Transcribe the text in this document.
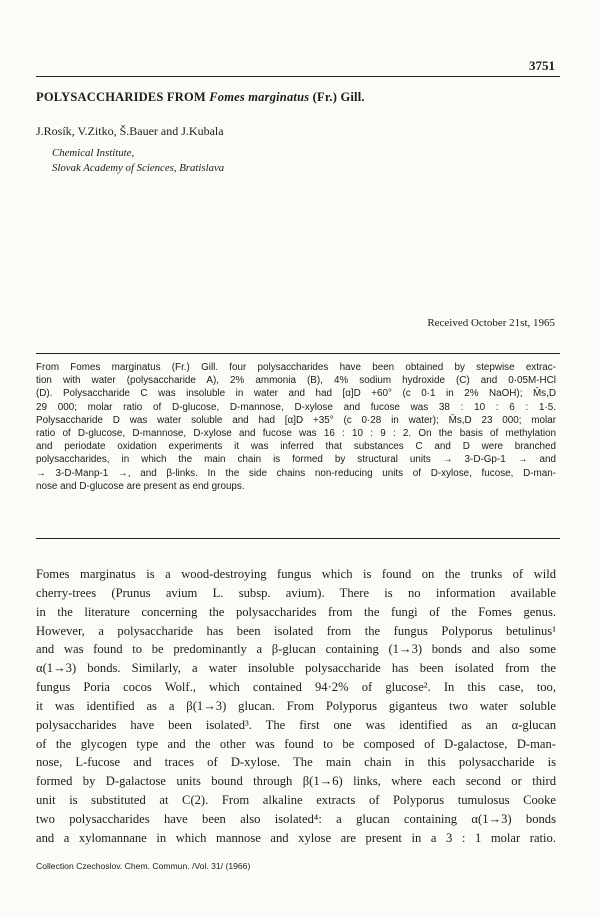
3751
POLYSACCHARIDES FROM Fomes marginatus (Fr.) Gill.
J.Rosík, V.Zitko, Š.Bauer and J.Kubala
Chemical Institute,
Slovak Academy of Sciences, Bratislava
Received October 21st, 1965
From Fomes marginatus (Fr.) Gill. four polysaccharides have been obtained by stepwise extrac-
tion with water (polysaccharide A), 2% ammonia (B), 4% sodium hydroxide (C) and 0·05M-HCl
(D). Polysaccharide C was insoluble in water and had [α]D +60° (c 0·1 in 2% NaOH); M̄s,D
29 000; molar ratio of D-glucose, D-mannose, D-xylose and fucose was 38 : 10 : 6 : 1·5.
Polysaccharide D was water soluble and had [α]D +35° (c 0·28 in water); M̄s,D 23 000; molar
ratio of D-glucose, D-mannose, D-xylose and fucose was 16 : 10 : 9 : 2. On the basis of methylation
and periodate oxidation experiments it was inferred that substances C and D were branched
polysaccharides, in which the main chain is formed by structural units → 3-D-Gp-1 → and
→ 3-D-Manp-1 →, and β-links. In the side chains non-reducing units of D-xylose, fucose, D-man-
nose and D-glucose are present as end groups.
Fomes marginatus is a wood-destroying fungus which is found on the trunks of wild
cherry-trees (Prunus avium L. subsp. avium). There is no information available
in the literature concerning the polysaccharides from the fungi of the Fomes genus.
However, a polysaccharide has been isolated from the fungus Polyporus betulinus¹
and was found to be predominantly a β-glucan containing (1→3) bonds and also some
α(1→3) bonds. Similarly, a water insoluble polysaccharide has been isolated from the
fungus Poria cocos Wolf., which contained 94·2% of glucose². In this case, too,
it was identified as a β(1→3) glucan. From Polyporus giganteus two water soluble
polysaccharides have been isolated³. The first one was identified as an α-glucan
of the glycogen type and the other was found to be composed of D-galactose, D-man-
nose, L-fucose and traces of D-xylose. The main chain in this polysaccharide is
formed by D-galactose units bound through β(1→6) links, where each second or third
unit is substituted at C(2). From alkaline extracts of Polyporus tumulosus Cooke
two polysaccharides have been also isolated⁴: a glucan containing α(1→3) bonds
and a xylomannane in which mannose and xylose are present in a 3 : 1 molar ratio.
Collection Czechoslov. Chem. Commun. /Vol. 31/ (1966)
